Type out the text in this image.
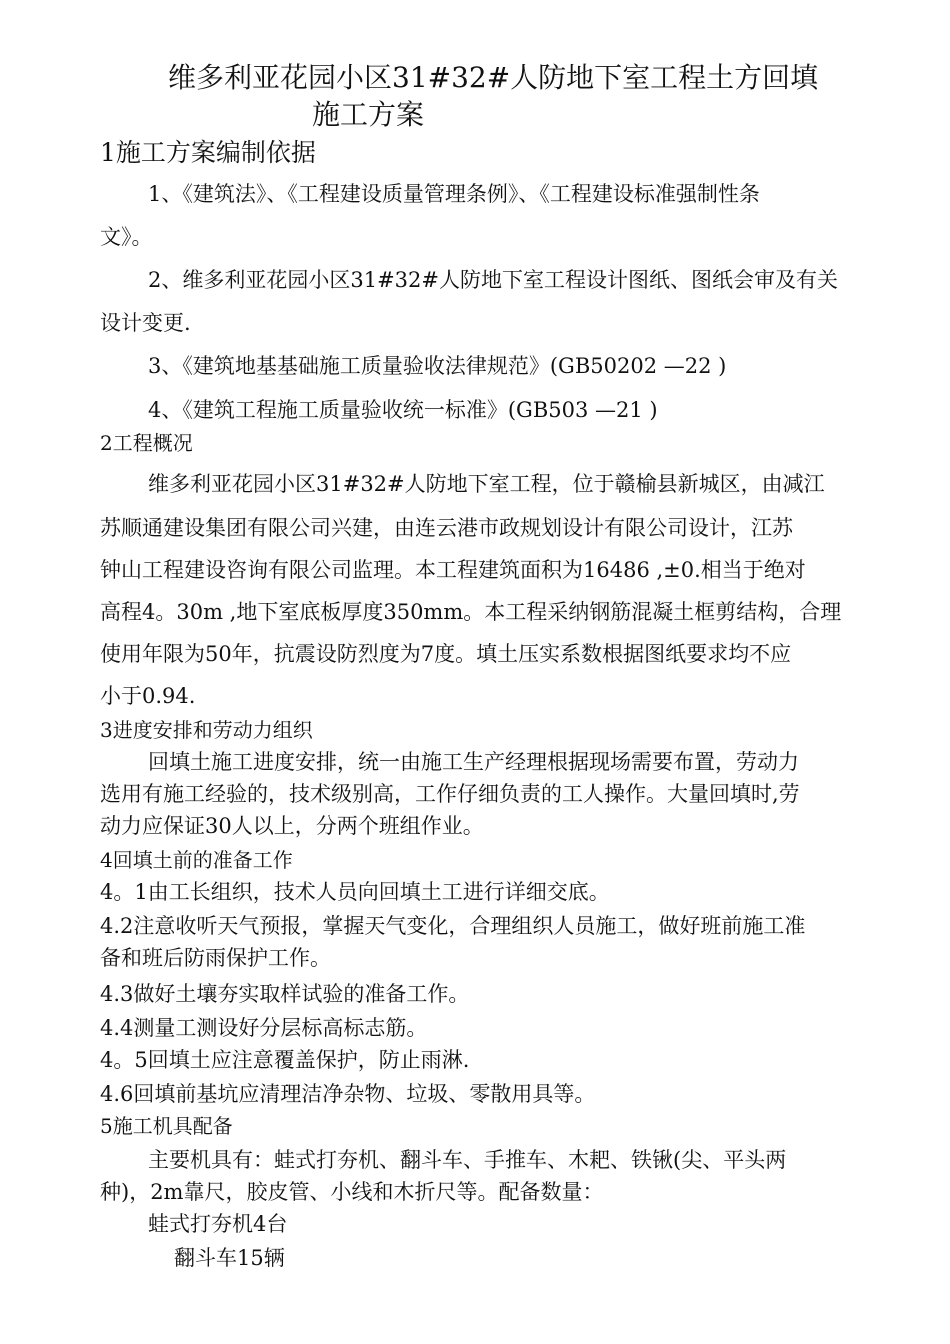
维多利亚花园小区31#32#人防地下室工程土方回填
施工方案
1施工方案编制依据
1、《建筑法》、《工程建设质量管理条例》、《工程建设标准强制性条
文》。
2、维多利亚花园小区31#32#人防地下室工程设计图纸、图纸会审及有关
设计变更.
3、《建筑地基基础施工质量验收法律规范》(GB50202 —22 )
4、《建筑工程施工质量验收统一标准》(GB503 —21 )
2工程概况
维多利亚花园小区31#32#人防地下室工程，位于赣榆县新城区，由减江
苏顺通建设集团有限公司兴建，由连云港市政规划设计有限公司设计，江苏
钟山工程建设咨询有限公司监理。本工程建筑面积为16486 ,±0.相当于绝对
高程4。30m ,地下室底板厚度350mm。本工程采纳钢筋混凝土框剪结构，合理
使用年限为50年，抗震设防烈度为7度。填土压实系数根据图纸要求均不应
小于0.94.
3进度安排和劳动力组织
回填土施工进度安排，统一由施工生产经理根据现场需要布置，劳动力
选用有施工经验的，技术级别高，工作仔细负责的工人操作。大量回填时,劳
动力应保证30人以上，分两个班组作业。
4回填土前的准备工作
4。1由工长组织，技术人员向回填土工进行详细交底。
4.2注意收听天气预报，掌握天气变化，合理组织人员施工，做好班前施工准
备和班后防雨保护工作。
4.3做好土壤夯实取样试验的准备工作。
4.4测量工测设好分层标高标志筋。
4。5回填土应注意覆盖保护，防止雨淋.
4.6回填前基坑应清理洁净杂物、垃圾、零散用具等。
5施工机具配备
主要机具有：蛙式打夯机、翻斗车、手推车、木耙、铁锹(尖、平头两
种)，2m靠尺，胶皮管、小线和木折尺等。配备数量：
蛙式打夯机4台
翻斗车15辆
